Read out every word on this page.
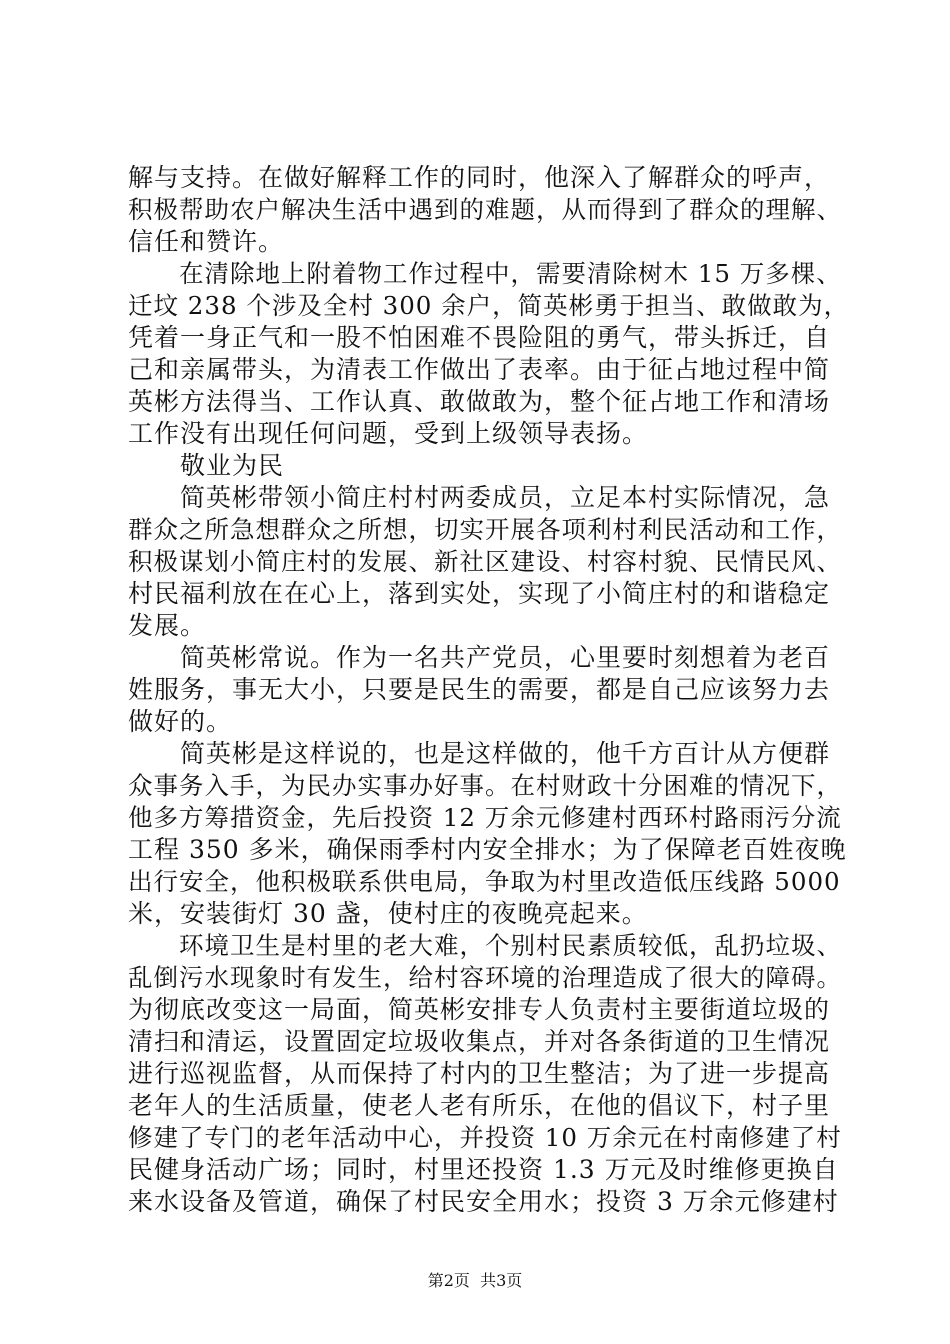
解与支持。在做好解释工作的同时，他深入了解群众的呼声，
积极帮助农户解决生活中遇到的难题，从而得到了群众的理解、
信任和赞许。
　　在清除地上附着物工作过程中，需要清除树木 15 万多棵、
迁坟 238 个涉及全村 300 余户，简英彬勇于担当、敢做敢为，
凭着一身正气和一股不怕困难不畏险阻的勇气，带头拆迁，自
己和亲属带头，为清表工作做出了表率。由于征占地过程中简
英彬方法得当、工作认真、敢做敢为，整个征占地工作和清场
工作没有出现任何问题，受到上级领导表扬。
　　敬业为民
　　简英彬带领小简庄村村两委成员，立足本村实际情况，急
群众之所急想群众之所想，切实开展各项利村利民活动和工作，
积极谋划小简庄村的发展、新社区建设、村容村貌、民情民风、
村民福利放在在心上，落到实处，实现了小简庄村的和谐稳定
发展。
　　简英彬常说。作为一名共产党员，心里要时刻想着为老百
姓服务，事无大小，只要是民生的需要，都是自己应该努力去
做好的。
　　简英彬是这样说的，也是这样做的，他千方百计从方便群
众事务入手，为民办实事办好事。在村财政十分困难的情况下，
他多方筹措资金，先后投资 12 万余元修建村西环村路雨污分流
工程 350 多米，确保雨季村内安全排水；为了保障老百姓夜晚
出行安全，他积极联系供电局，争取为村里改造低压线路 5000
米，安装街灯 30 盏，使村庄的夜晚亮起来。
　　环境卫生是村里的老大难，个别村民素质较低，乱扔垃圾、
乱倒污水现象时有发生，给村容环境的治理造成了很大的障碍。
为彻底改变这一局面，简英彬安排专人负责村主要街道垃圾的
清扫和清运，设置固定垃圾收集点，并对各条街道的卫生情况
进行巡视监督，从而保持了村内的卫生整洁；为了进一步提高
老年人的生活质量，使老人老有所乐，在他的倡议下，村子里
修建了专门的老年活动中心，并投资 10 万余元在村南修建了村
民健身活动广场；同时，村里还投资 1.3 万元及时维修更换自
来水设备及管道，确保了村民安全用水；投资 3 万余元修建村
第2页  共3页
